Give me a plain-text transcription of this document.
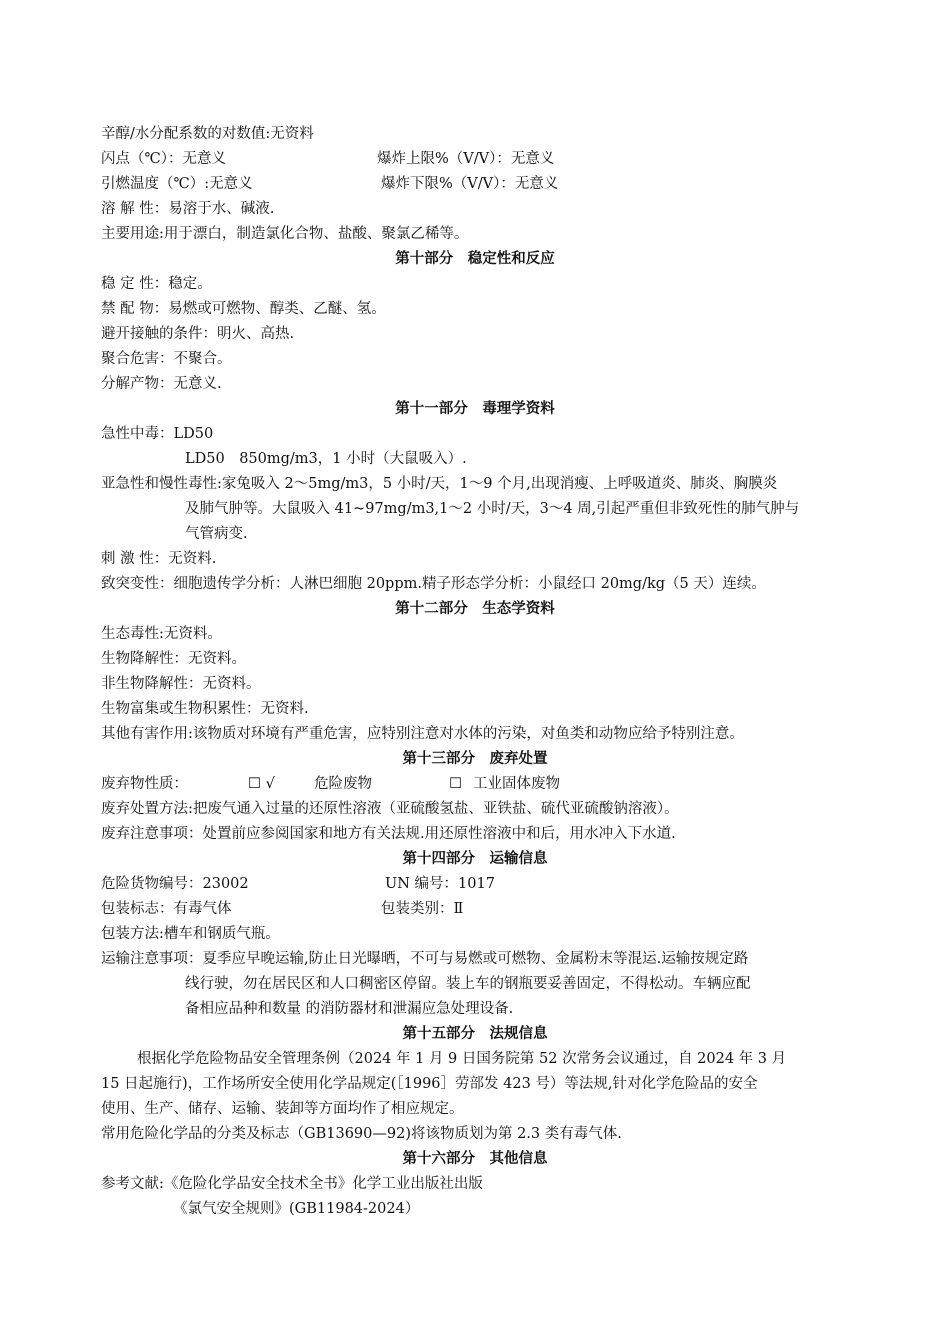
辛醇/水分配系数的对数值:无资料
闪点（℃）：无意义	爆炸上限%（V/V）：无意义
引燃温度（℃）:无意义	爆炸下限%（V/V）：无意义
溶 解 性：易溶于水、碱液.
主要用途:用于漂白，制造氯化合物、盐酸、聚氯乙稀等。
第十部分　稳定性和反应
稳 定 性：稳定。
禁 配 物：易燃或可燃物、醇类、乙醚、氢。
避开接触的条件：明火、高热.
聚合危害：不聚合。
分解产物：无意义.
第十一部分　毒理学资料
急性中毒：LD50
LD50　850mg/m3，1 小时（大鼠吸入）.
亚急性和慢性毒性:家兔吸入 2～5mg/m3，5 小时/天，1～9 个月,出现消瘦、上呼吸道炎、肺炎、胸膜炎
及肺气肿等。大鼠吸入 41~97mg/m3,1～2 小时/天，3～4 周,引起严重但非致死性的肺气肿与
气管病变.
刺 激 性：无资料.
致突变性：细胞遗传学分析：人淋巴细胞 20ppm.精子形态学分析：小鼠经口 20mg/kg（5 天）连续。
第十二部分　生态学资料
生态毒性:无资料。
生物降解性：无资料。
非生物降解性：无资料。
生物富集或生物积累性：无资料.
其他有害作用:该物质对环境有严重危害，应特别注意对水体的污染，对鱼类和动物应给予特别注意。
第十三部分　废弃处置
废弃物性质：	☐ √	危险废物	☐ 工业固体废物
废弃处置方法:把废气通入过量的还原性溶液（亚硫酸氢盐、亚铁盐、硫代亚硫酸钠溶液）。
废弃注意事项：处置前应参阅国家和地方有关法规.用还原性溶液中和后，用水冲入下水道.
第十四部分　运输信息
危险货物编号：23002	UN 编号：1017
包装标志：有毒气体	包装类别：Ⅱ
包装方法:槽车和钢质气瓶。
运输注意事项：夏季应早晚运输,防止日光曝晒，不可与易燃或可燃物、金属粉末等混运.运输按规定路
线行驶，勿在居民区和人口稠密区停留。装上车的钢瓶要妥善固定，不得松动。车辆应配
备相应品种和数量 的消防器材和泄漏应急处理设备.
第十五部分　法规信息
根据化学危险物品安全管理条例（2024 年 1 月 9 日国务院第 52 次常务会议通过，自 2024 年 3 月
15 日起施行)，工作场所安全使用化学品规定(［1996］劳部发 423 号）等法规,针对化学危险品的安全
使用、生产、储存、运输、装卸等方面均作了相应规定。
常用危险化学品的分类及标志（GB13690—92)将该物质划为第 2.3 类有毒气体.
第十六部分　其他信息
参考文献:《危险化学品安全技术全书》化学工业出版社出版
《氯气安全规则》(GB11984-2024）
